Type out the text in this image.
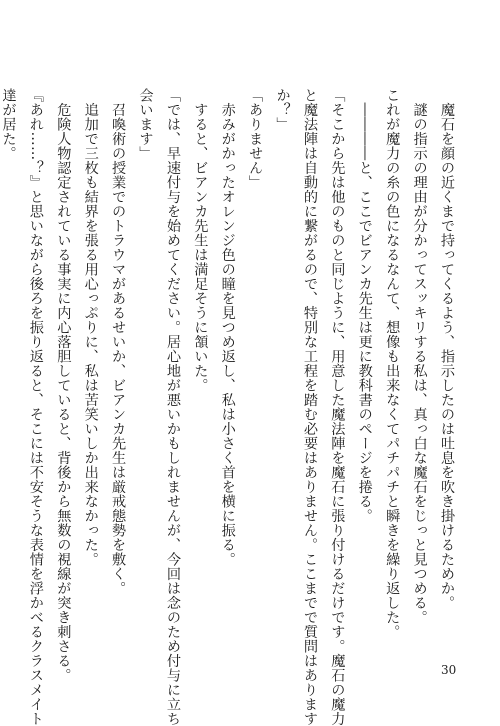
　魔石を顔の近くまで持ってくるよう、指示したのは吐息を吹き掛けるためか。
　謎の指示の理由が分かってスッキリする私は、真っ白な魔石をじっと見つめる。
これが魔力の糸の色になるなんて、想像も出来なくてパチパチと瞬きを繰り返した。
　――――と、ここでビアンカ先生は更に教科書のページを捲る。
「そこから先は他のものと同じように、用意した魔法陣を魔石に張り付けるだけです。魔石の魔力
と魔法陣は自動的に繋がるので、特別な工程を踏む必要はありません。ここまでで質問はあります
か？」
「ありません」
　赤みがかったオレンジ色の瞳を見つめ返し、私は小さく首を横に振る。
　すると、ビアンカ先生は満足そうに頷いた。
「では、早速付与を始めてください。居心地が悪いかもしれませんが、今回は念のため付与に立ち
会います」
　召喚術の授業でのトラウマがあるせいか、ビアンカ先生は厳戒態勢を敷く。
　追加で三枚も結界を張る用心っぷりに、私は苦笑いしか出来なかった。
　危険人物認定されている事実に内心落胆していると、背後から無数の視線が突き刺さる。
『あれ……？』と思いながら後ろを振り返ると、そこには不安そうな表情を浮かべるクラスメイト
達が居た。
30
